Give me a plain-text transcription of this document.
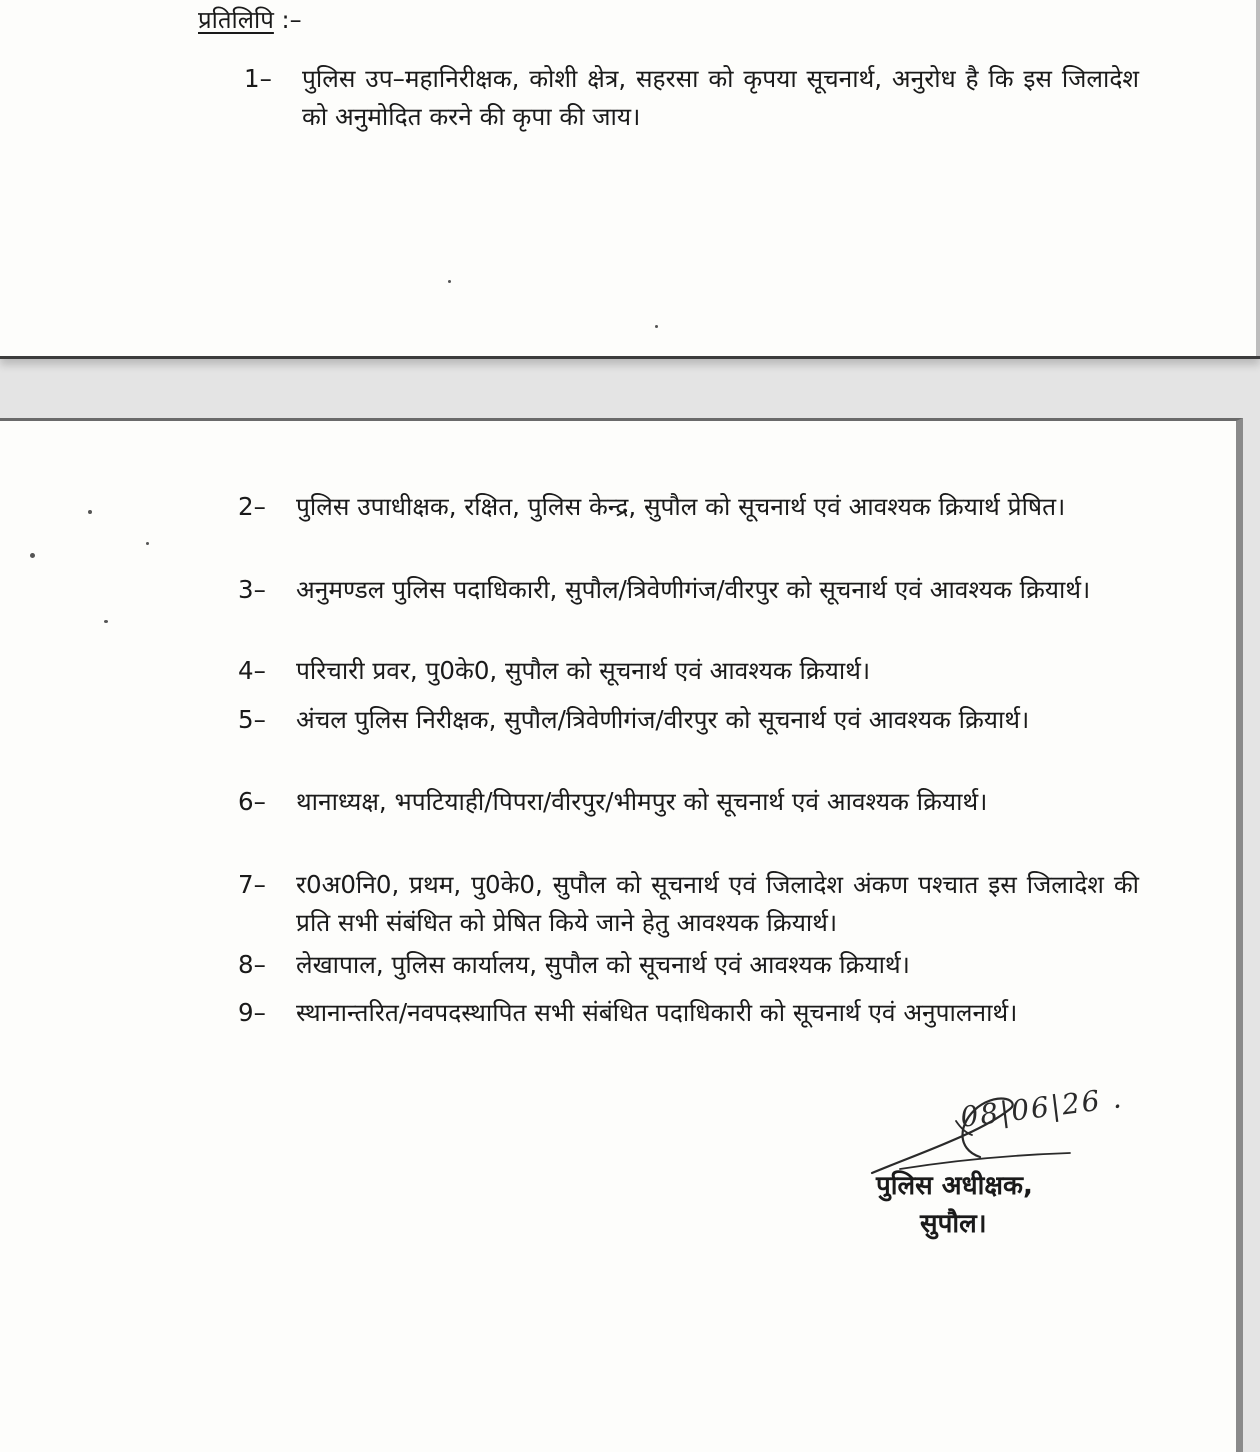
प्रतिलिपि :–
1– पुलिस उप–महानिरीक्षक, कोशी क्षेत्र, सहरसा को कृपया सूचनार्थ, अनुरोध है कि इस जिलादेश को अनुमोदित करने की कृपा की जाय।
2– पुलिस उपाधीक्षक, रक्षित, पुलिस केन्द्र, सुपौल को सूचनार्थ एवं आवश्यक क्रियार्थ प्रेषित।
3– अनुमण्डल पुलिस पदाधिकारी, सुपौल/त्रिवेणीगंज/वीरपुर को सूचनार्थ एवं आवश्यक क्रियार्थ।
4– परिचारी प्रवर, पु0के0, सुपौल को सूचनार्थ एवं आवश्यक क्रियार्थ।
5– अंचल पुलिस निरीक्षक, सुपौल/त्रिवेणीगंज/वीरपुर को सूचनार्थ एवं आवश्यक क्रियार्थ।
6– थानाध्यक्ष, भपटियाही/पिपरा/वीरपुर/भीमपुर को सूचनार्थ एवं आवश्यक क्रियार्थ।
7– र0अ0नि0, प्रथम, पु0के0, सुपौल को सूचनार्थ एवं जिलादेश अंकण पश्चात इस जिलादेश की प्रति सभी संबंधित को प्रेषित किये जाने हेतु आवश्यक क्रियार्थ।
8– लेखापाल, पुलिस कार्यालय, सुपौल को सूचनार्थ एवं आवश्यक क्रियार्थ।
9– स्थानान्तरित/नवपदस्थापित सभी संबंधित पदाधिकारी को सूचनार्थ एवं अनुपालनार्थ।
08|06|26 .
पुलिस अधीक्षक,
सुपौल।
